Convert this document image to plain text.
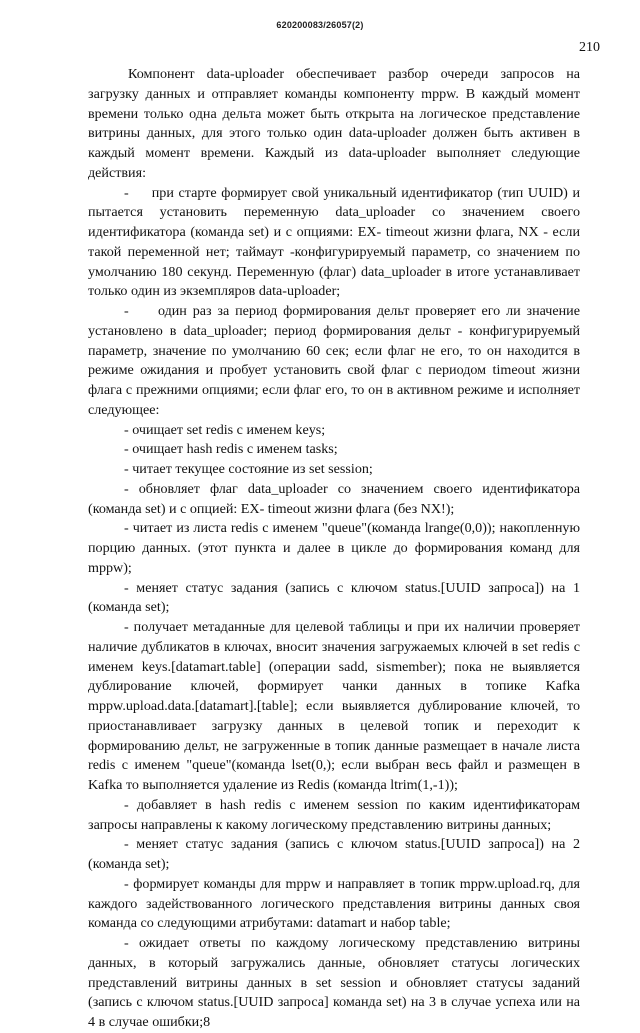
620200083/26057(2)
210

Компонент data-uploader обеспечивает разбор очереди запросов на загрузку данных и отправляет команды компоненту mppw. В каждый момент времени только одна дельта может быть открыта на логическое представление витрины данных, для этого только один data-uploader должен быть активен в каждый момент времени. Каждый из data-uploader выполняет следующие действия:

-     при старте формирует свой уникальный идентификатор (тип UUID) и пытается установить переменную data_uploader со значением своего идентификатора (команда set) и с опциями: EX- timeout жизни флага, NX - если такой переменной нет; таймаут -конфигурируемый параметр, со значением по умолчанию 180 секунд. Переменную (флаг) data_uploader в итоге устанавливает только один из экземпляров data-uploader;

-     один раз за период формирования дельт проверяет его ли значение установлено в data_uploader; период формирования дельт - конфигурируемый параметр, значение по умолчанию 60 сек; если флаг не его, то он находится в режиме ожидания и пробует установить свой флаг с периодом timeout жизни флага с прежними опциями; если флаг его, то он в активном режиме и исполняет следующее:

- очищает set redis с именем keys;

- очищает hash redis с именем tasks;

- читает текущее состояние из set session;

- обновляет флаг data_uploader со значением своего идентификатора (команда set) и с опцией: EX- timeout жизни флага (без NX!);

- читает из листа redis с именем "queue"(команда lrange(0,0)); накопленную порцию данных. (этот пункта и далее в цикле до формирования команд для mppw);

- меняет статус задания (запись с ключом status.[UUID запроса]) на 1 (команда set);

- получает метаданные для целевой таблицы и при их наличии проверяет наличие дубликатов в ключах, вносит значения загружаемых ключей в set redis с именем keys.[datamart.table] (операции sadd, sismember); пока не выявляется дублирование ключей, формирует чанки данных в топике Kafka mppw.upload.data.[datamart].[table]; если выявляется дублирование ключей, то приостанавливает загрузку данных в целевой топик и переходит к формированию дельт, не загруженные в топик данные размещает в начале листа redis с именем "queue"(команда lset(0,); если выбран весь файл и размещен в Kafka то выполняется удаление из Redis (команда ltrim(1,-1));

- добавляет в hash redis с именем session по каким идентификаторам запросы направлены к какому логическому представлению витрины данных;

- меняет статус задания (запись с ключом status.[UUID запроса]) на 2 (команда set);

- формирует команды для mppw и направляет в топик mppw.upload.rq, для каждого задействованного логического представления витрины данных своя команда со следующими атрибутами: datamart и набор table;

- ожидает ответы по каждому логическому представлению витрины данных, в который загружались данные, обновляет статусы логических представлений витрины данных в set session и обновляет статусы заданий (запись с ключом status.[UUID запроса] команда set) на 3 в случае успеха или на 4 в случае ошибки;8
